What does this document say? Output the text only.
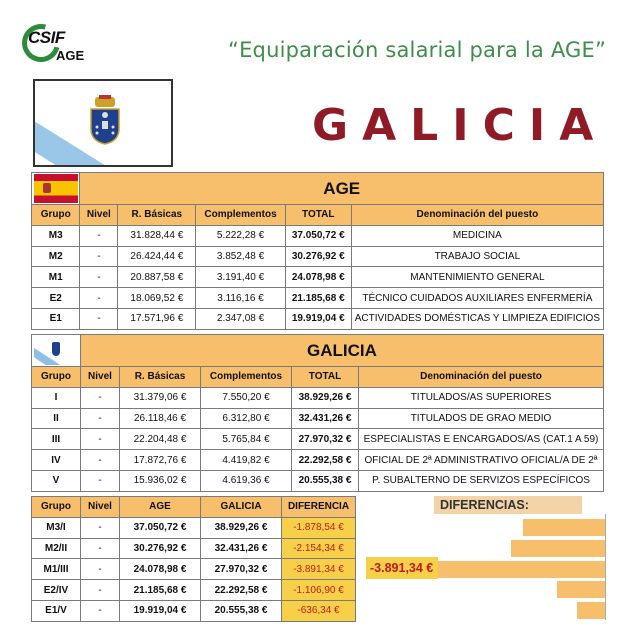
CSIF
AGE	“Equiparación salarial para la AGE”
GALICIA
	AGE				
Grupo	Nivel	R. Básicas	Complementos	TOTAL	Denominación del puesto
M3	-	31.828,44 €	5.222,28 €	37.050,72 €	MEDICINA
M2	-	26.424,44 €	3.852,48 €	30.276,92 €	TRABAJO SOCIAL
M1	-	20.887,58 €	3.191,40 €	24.078,98 €	MANTENIMIENTO GENERAL
E2	-	18.069,52 €	3.116,16 €	21.185,68 €	TÉCNICO CUIDADOS AUXILIARES ENFERMERÍA
E1	-	17.571,96 €	2.347,08 €	19.919,04 €	ACTIVIDADES DOMÉSTICAS Y LIMPIEZA EDIFICIOS
	GALICIA				
Grupo	Nivel	R. Básicas	Complementos	TOTAL	Denominación del puesto
I	-	31.379,06 €	7.550,20 €	38.929,26 €	TITULADOS/AS SUPERIORES
II	-	26.118,46 €	6.312,80 €	32.431,26 €	TITULADOS DE GRAO MEDIO
III	-	22.204,48 €	5.765,84 €	27.970,32 €	ESPECIALISTAS E ENCARGADOS/AS (CAT.1 A 59)
IV	-	17.872,76 €	4.419,82 €	22.292,58 €	OFICIAL DE 2ª ADMINISTRATIVO OFICIAL/A DE 2ª
V	-	15.936,02 €	4.619,36 €	20.555,38 €	P. SUBALTERNO DE SERVIZOS ESPECÍFICOS
Grupo	Nivel	AGE	GALICIA	DIFERENCIA
M3/I	-	37.050,72 €	38.929,26 €	-1.878,54 €
M2/II	-	30.276,92 €	32.431,26 €	-2.154,34 €
M1/III	-	24.078,98 €	27.970,32 €	-3.891,34 €
E2/IV	-	21.185,68 €	22.292,58 €	-1.106,90 €
E1/V	-	19.919,04 €	20.555,38 €	-636,34 €
DIFERENCIAS:
-3.891,34 €
